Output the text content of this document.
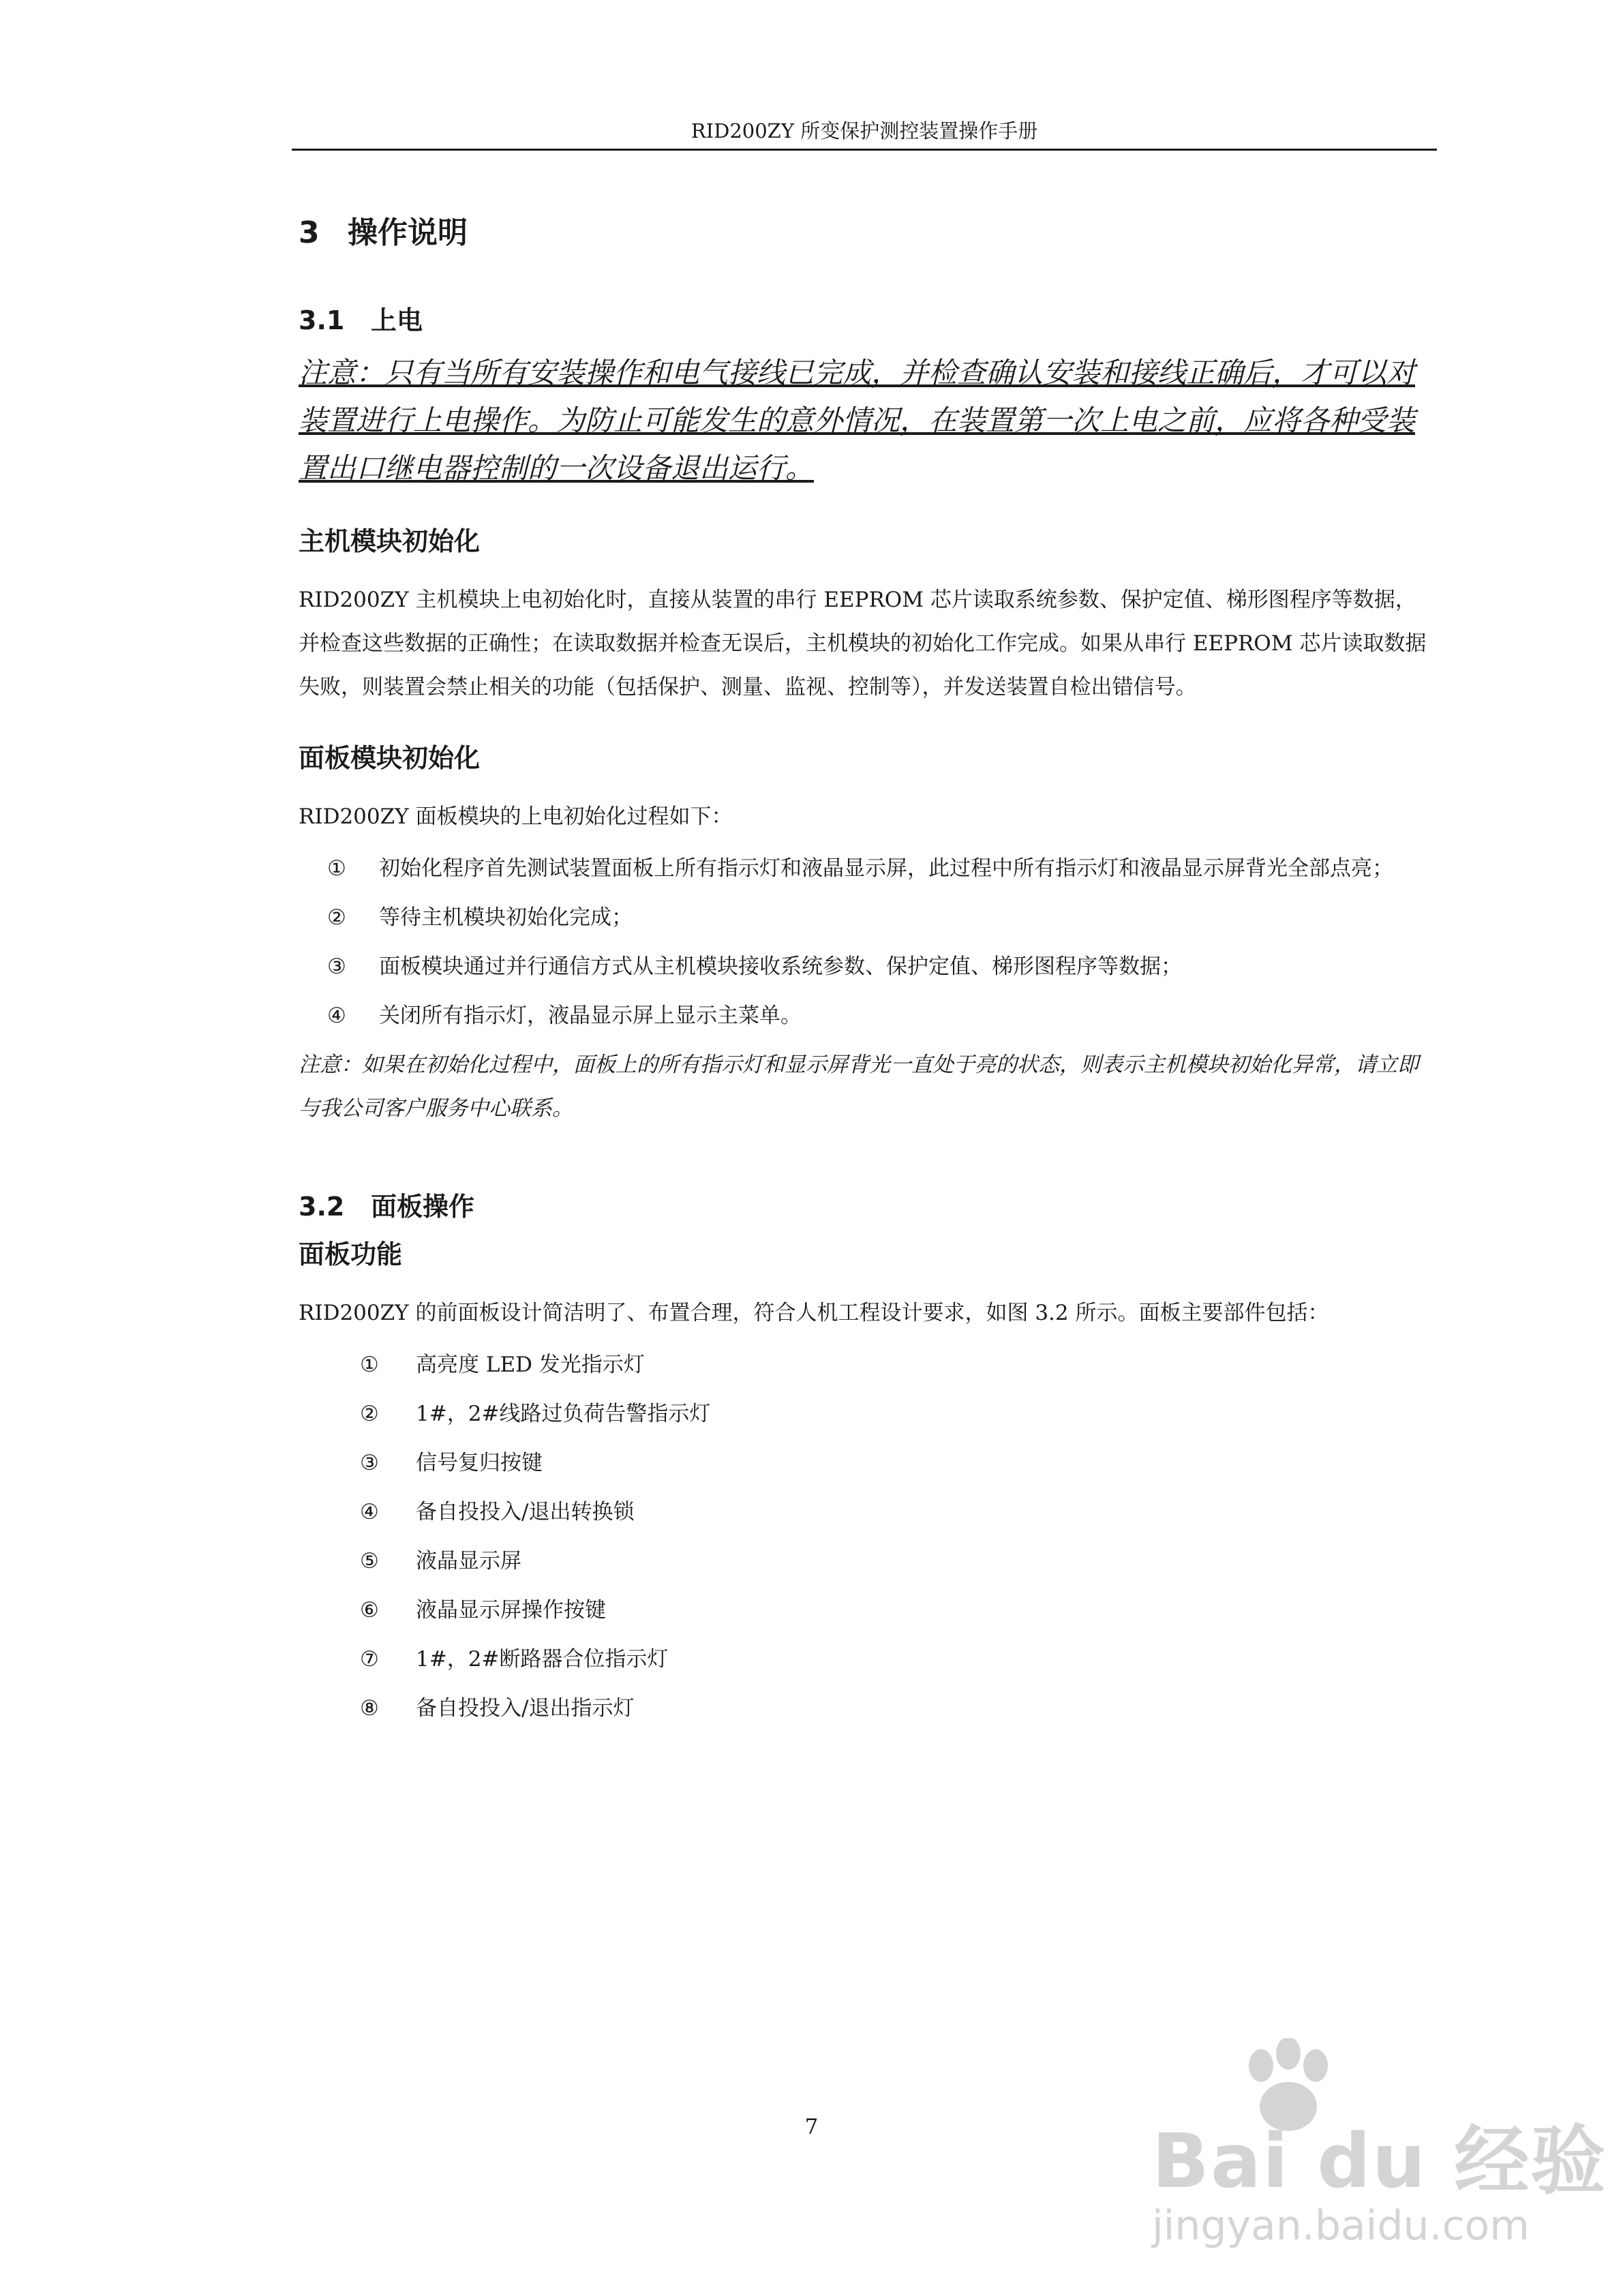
RID200ZY 所变保护测控装置操作手册
3 操作说明
3.1 上电
注意：只有当所有安装操作和电气接线已完成，并检查确认安装和接线正确后，才可以对装置进行上电操作。为防止可能发生的意外情况，在装置第一次上电之前，应将各种受装置出口继电器控制的一次设备退出运行。
主机模块初始化
RID200ZY 主机模块上电初始化时，直接从装置的串行 EEPROM 芯片读取系统参数、保护定值、梯形图程序等数据，并检查这些数据的正确性；在读取数据并检查无误后，主机模块的初始化工作完成。如果从串行 EEPROM 芯片读取数据失败，则装置会禁止相关的功能（包括保护、测量、监视、控制等），并发送装置自检出错信号。
面板模块初始化
RID200ZY 面板模块的上电初始化过程如下：
① 初始化程序首先测试装置面板上所有指示灯和液晶显示屏，此过程中所有指示灯和液晶显示屏背光全部点亮；
② 等待主机模块初始化完成；
③ 面板模块通过并行通信方式从主机模块接收系统参数、保护定值、梯形图程序等数据；
④ 关闭所有指示灯，液晶显示屏上显示主菜单。
注意：如果在初始化过程中，面板上的所有指示灯和显示屏背光一直处于亮的状态，则表示主机模块初始化异常，请立即与我公司客户服务中心联系。
3.2 面板操作
面板功能
RID200ZY 的前面板设计简洁明了、布置合理，符合人机工程设计要求，如图 3.2 所示。面板主要部件包括：
① 高亮度 LED 发光指示灯
② 1#，2#线路过负荷告警指示灯
③ 信号复归按键
④ 备自投投入/退出转换锁
⑤ 液晶显示屏
⑥ 液晶显示屏操作按键
⑦ 1#，2#断路器合位指示灯
⑧ 备自投投入/退出指示灯
7	Bai du 经验
jingyan.baidu.com
